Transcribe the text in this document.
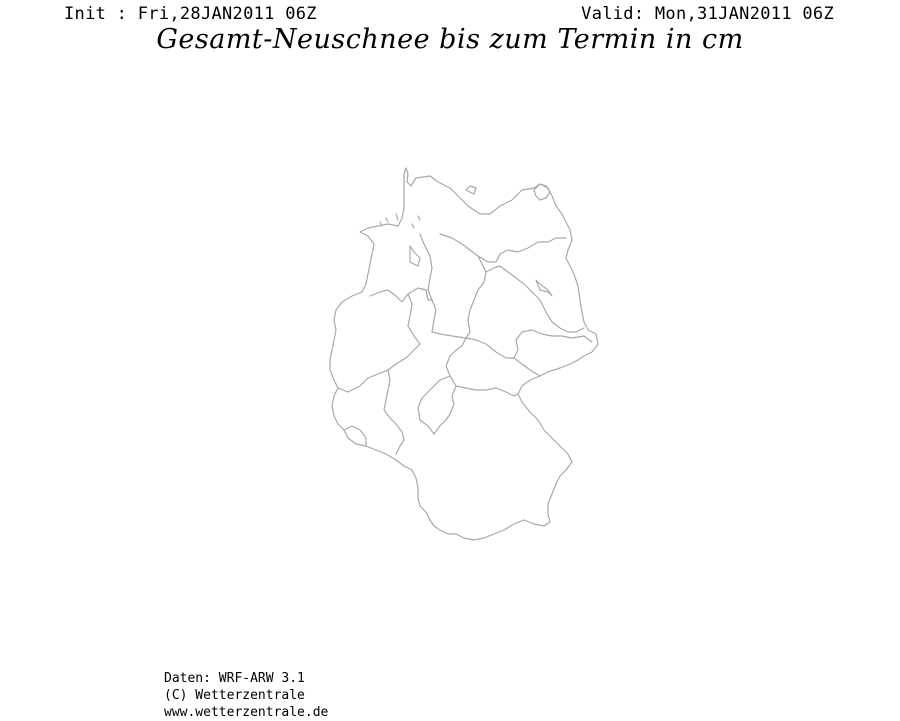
Init : Fri,28JAN2011 06Z	Valid: Mon,31JAN2011 06Z
Gesamt-Neuschnee bis zum Termin in cm
Daten: WRF-ARW 3.1
(C) Wetterzentrale
www.wetterzentrale.de
